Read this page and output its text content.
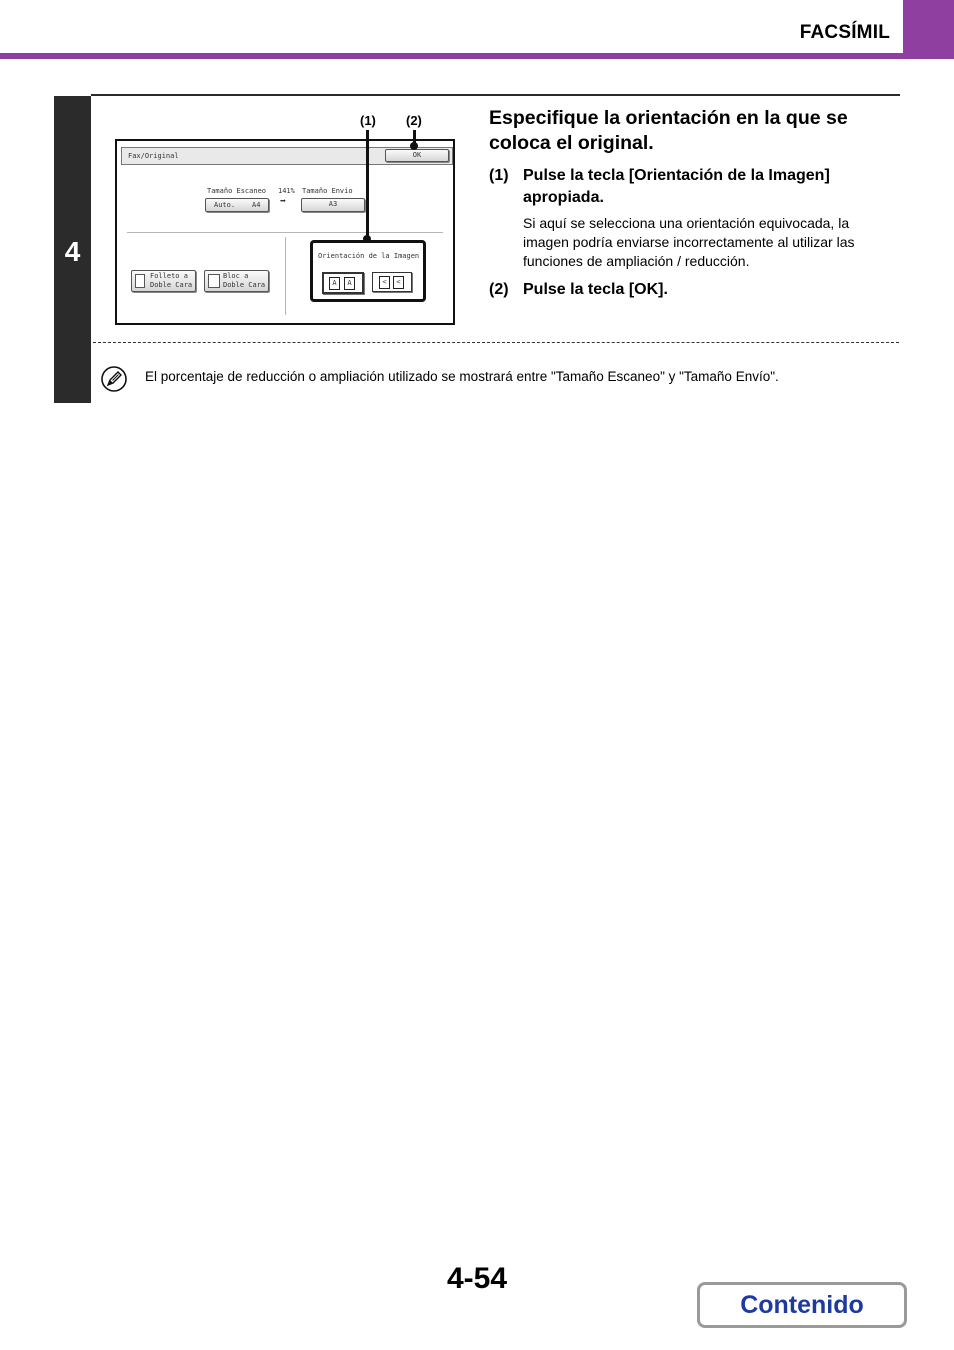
FACSÍMIL
4
Fax/Original	OK
Tamaño Escaneo 141% Tamaño Envío
Auto. A4 ➡	A3
Folleto a
Doble Cara
Bloc a
Doble Cara
Orientación de la Imagen
A	A	<	<
(1) (2)	Especifique la orientación en la que se coloca el original.
(1) Pulse la tecla [Orientación de la Imagen] apropiada.
Si aquí se selecciona una orientación equivocada, la imagen podría enviarse incorrectamente al utilizar las funciones de ampliación / reducción.
(2) Pulse la tecla [OK].
El porcentaje de reducción o ampliación utilizado se mostrará entre "Tamaño Escaneo" y "Tamaño Envío".
4-54
Contenido
